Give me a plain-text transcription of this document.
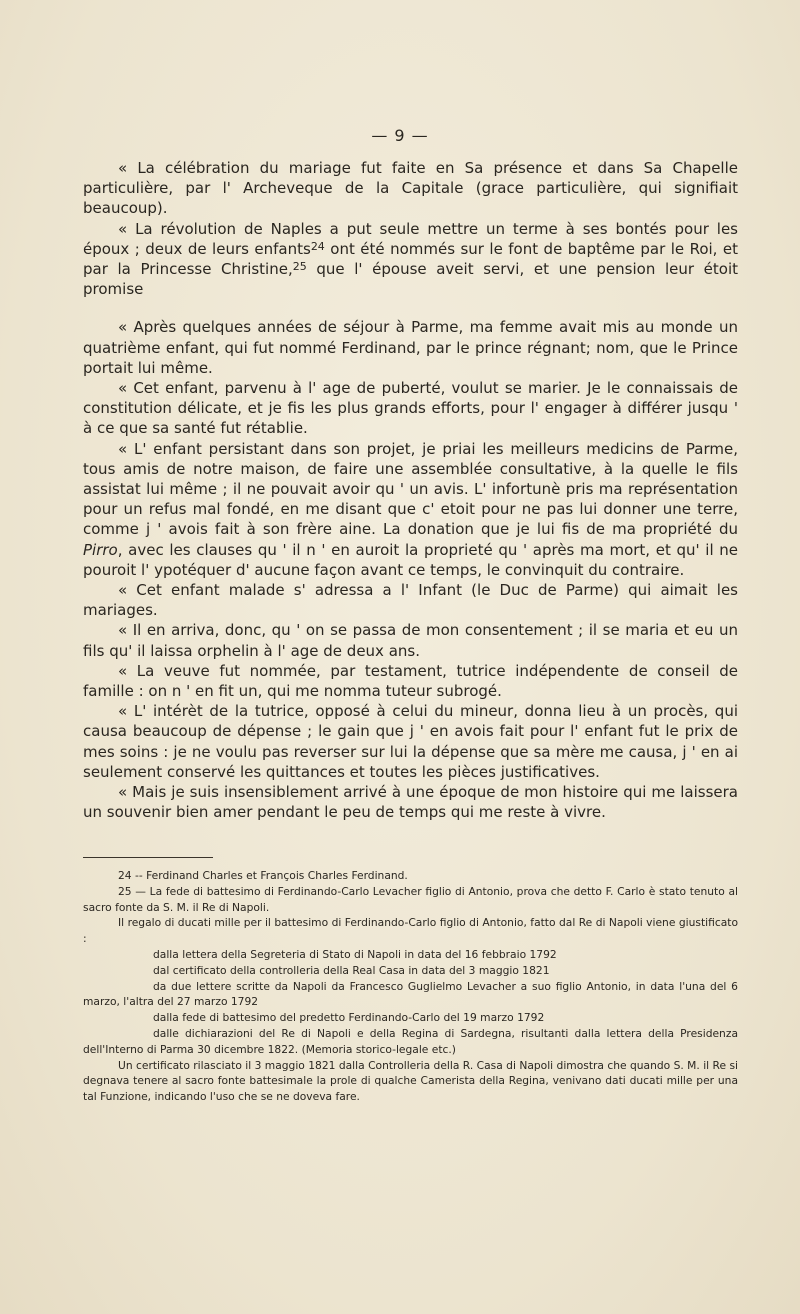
— 9 —

« La célébration du mariage fut faite en Sa présence et dans Sa Chapelle particulière, par l' Archeveque de la Capitale (grace particulière, qui signifiait beaucoup).

« La révolution de Naples a put seule mettre un terme à ses bontés pour les époux ; deux de leurs enfants$^{24}$ ont été nommés sur le font de baptême par le Roi, et par la Princesse Christine,$^{25}$ que l' épouse aveit servi, et une pension leur étoit promise

« Après quelques années de séjour à Parme, ma femme avait mis au monde un quatrième enfant, qui fut nommé Ferdinand, par le prince régnant; nom, que le Prince portait lui même.

« Cet enfant, parvenu à l' age de puberté, voulut se marier. Je le connaissais de constitution délicate, et je fis les plus grands efforts, pour l' engager à différer jusqu ' à ce que sa santé fut rétablie.

« L' enfant persistant dans son projet, je priai les meilleurs medicins de Parme, tous amis de notre maison, de faire une assemblée consultative, à la quelle le fils assistat lui même ; il ne pouvait avoir qu ' un avis. L' infortunè pris ma représentation pour un refus mal fondé, en me disant que c' etoit pour ne pas lui donner une terre, comme j ' avois fait à son frère aine. La donation que je lui fis de ma propriété du Pirro, avec les clauses qu ' il n ' en auroit la proprieté qu ' après ma mort, et qu' il ne pouroit l' ypotéquer d' aucune façon avant ce temps, le convinquit du contraire.

« Cet enfant malade s' adressa a l' Infant (le Duc de Parme) qui aimait les mariages.

« Il en arriva, donc, qu ' on se passa de mon consentement ; il se maria et eu un fils qu' il laissa orphelin à l' age de deux ans.

« La veuve fut nommée, par testament, tutrice indépendente de conseil de famille : on n ' en fit un, qui me nomma tuteur subrogé.

« L' intérèt de la tutrice, opposé à celui du mineur, donna lieu à un procès, qui causa beaucoup de dépense ; le gain que j ' en avois fait pour l' enfant fut le prix de mes soins : je ne voulu pas reverser sur lui la dépense que sa mère me causa, j ' en ai seulement conservé les quittances et toutes les pièces justificatives.

« Mais je suis insensiblement arrivé à une époque de mon histoire qui me laissera un souvenir bien amer pendant le peu de temps qui me reste à vivre.

24 -- Ferdinand Charles et François Charles Ferdinand.

25 — La fede di battesimo di Ferdinando-Carlo Levacher figlio di Antonio, prova che detto F. Carlo è stato tenuto al sacro fonte da S. M. il Re di Napoli.

Il regalo di ducati mille per il battesimo di Ferdinando-Carlo figlio di Antonio, fatto dal Re di Napoli viene giustificato :

dalla lettera della Segreteria di Stato di Napoli in data del 16 febbraio 1792

dal certificato della controlleria della Real Casa in data del 3 maggio 1821

da due lettere scritte da Napoli da Francesco Guglielmo Levacher a suo figlio Antonio, in data l'una del 6 marzo, l'altra del 27 marzo 1792

dalla fede di battesimo del predetto Ferdinando-Carlo del 19 marzo 1792

dalle dichiarazioni del Re di Napoli e della Regina di Sardegna, risultanti dalla lettera della Presidenza dell'Interno di Parma 30 dicembre 1822. (Memoria storico-legale etc.)

Un certificato rilasciato il 3 maggio 1821 dalla Controlleria della R. Casa di Napoli dimostra che quando S. M. il Re si degnava tenere al sacro fonte battesimale la prole di qualche Camerista della Regina, venivano dati ducati mille per una tal Funzione, indicando l'uso che se ne doveva fare.
